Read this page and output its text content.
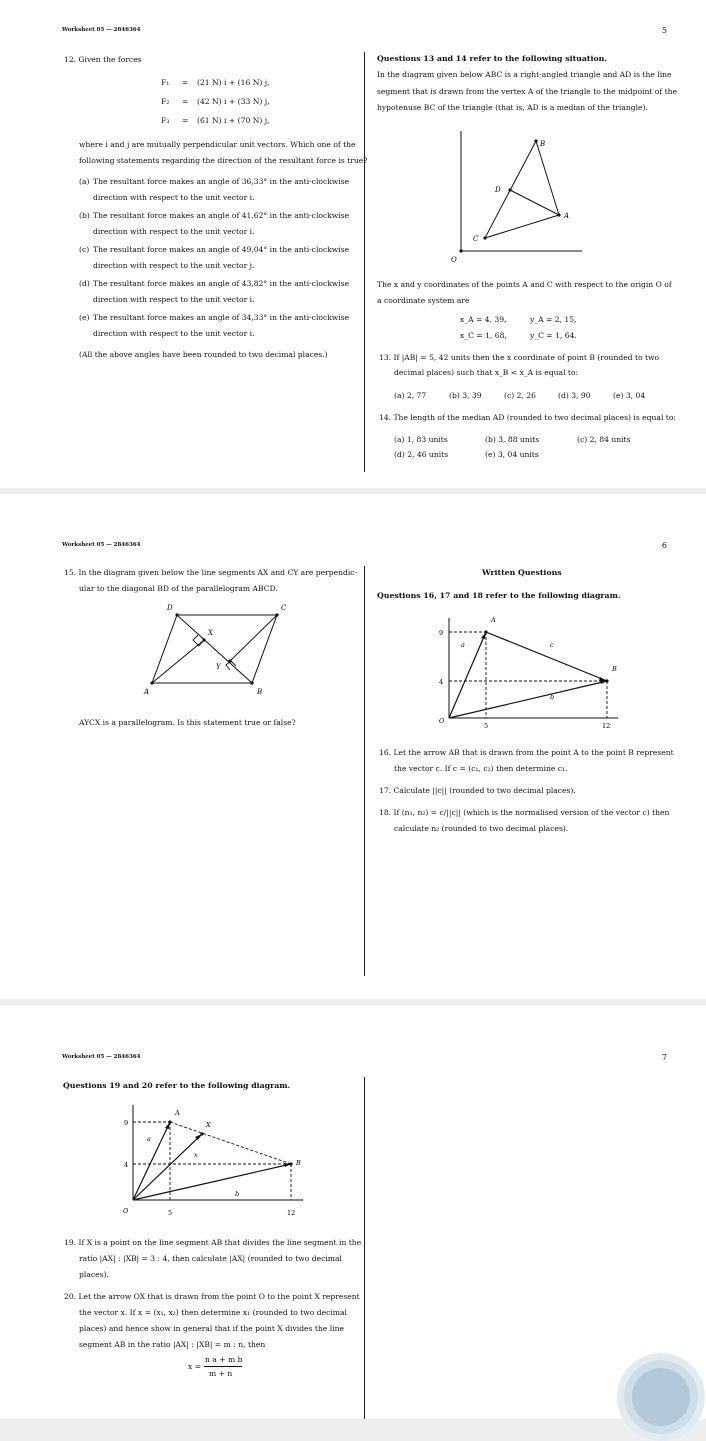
Worksheet 05 — 2846364	5
12. Given the forces
F₁ = (21 N) i + (16 N) j,
F₂ = (42 N) i + (33 N) j,
F₃ = (61 N) i + (70 N) j,
where i and j are mutually perpendicular unit vectors. Which one of the
following statements regarding the direction of the resultant force is true?
(a) The resultant force makes an angle of 36,33° in the anti-clockwise
direction with respect to the unit vector i.
(b) The resultant force makes an angle of 41,62° in the anti-clockwise
direction with respect to the unit vector i.
(c) The resultant force makes an angle of 49,04° in the anti-clockwise
direction with respect to the unit vector j.
(d) The resultant force makes an angle of 43,82° in the anti-clockwise
direction with respect to the unit vector i.
(e) The resultant force makes an angle of 34,33° in the anti-clockwise
direction with respect to the unit vector i.
(All the above angles have been rounded to two decimal places.)
Questions 13 and 14 refer to the following situation.
In the diagram given below ABC is a right-angled triangle and AD is the line
segment that is drawn from the vertex A of the triangle to the midpoint of the
hypotenuse BC of the triangle (that is, AD is a median of the triangle).
B
D
A
C
O
The x and y coordinates of the points A and C with respect to the origin O of
a coordinate system are
x_A = 4, 39,	y_A = 2, 15,
x_C = 1, 68,	y_C = 1, 64.
13. If |AB| = 5, 42 units then the x coordinate of point B (rounded to two
decimal places) such that x_B < x_A is equal to:
(a) 2, 77	(b) 3, 39	(c) 2, 26	(d) 3, 90	(e) 3, 04
14. The length of the median AD (rounded to two decimal places) is equal to:
(a) 1, 83 units	(b) 3, 88 units	(c) 2, 84 units
(d) 2, 46 units	(e) 3, 04 units
Worksheet 05 — 2846364	6
15. In the diagram given below the line segments AX and CY are perpendic-
ular to the diagonal BD of the parallelogram ABCD.
D	C
X
Y
A	B
AYCX is a parallelogram. Is this statement true or false?
Written Questions
Questions 16, 17 and 18 refer to the following diagram.
A
B
O
a	c
b
9
4
5	12
16. Let the arrow AB that is drawn from the point A to the point B represent
the vector c. If c = (c₁, c₂) then determine c₁.
17. Calculate ||c|| (rounded to two decimal places).
18. If (n₁, n₂) = c/||c|| (which is the normalised version of the vector c) then
calculate n₂ (rounded to two decimal places).
Worksheet 05 — 2846364	7
Questions 19 and 20 refer to the following diagram.
A
X
B
O
a
x
b
9
4
5	12
19. If X is a point on the line segment AB that divides the line segment in the
ratio |AX| : |XB| = 3 : 4, then calculate |AX| (rounded to two decimal
places).
20. Let the arrow OX that is drawn from the point O to the point X represent
the vector x. If x = (x₁, x₂) then determine x₁ (rounded to two decimal
places) and hence show in general that if the point X divides the line
segment AB in the ratio |AX| : |XB| = m : n, then
x =
n a + m b
m + n
